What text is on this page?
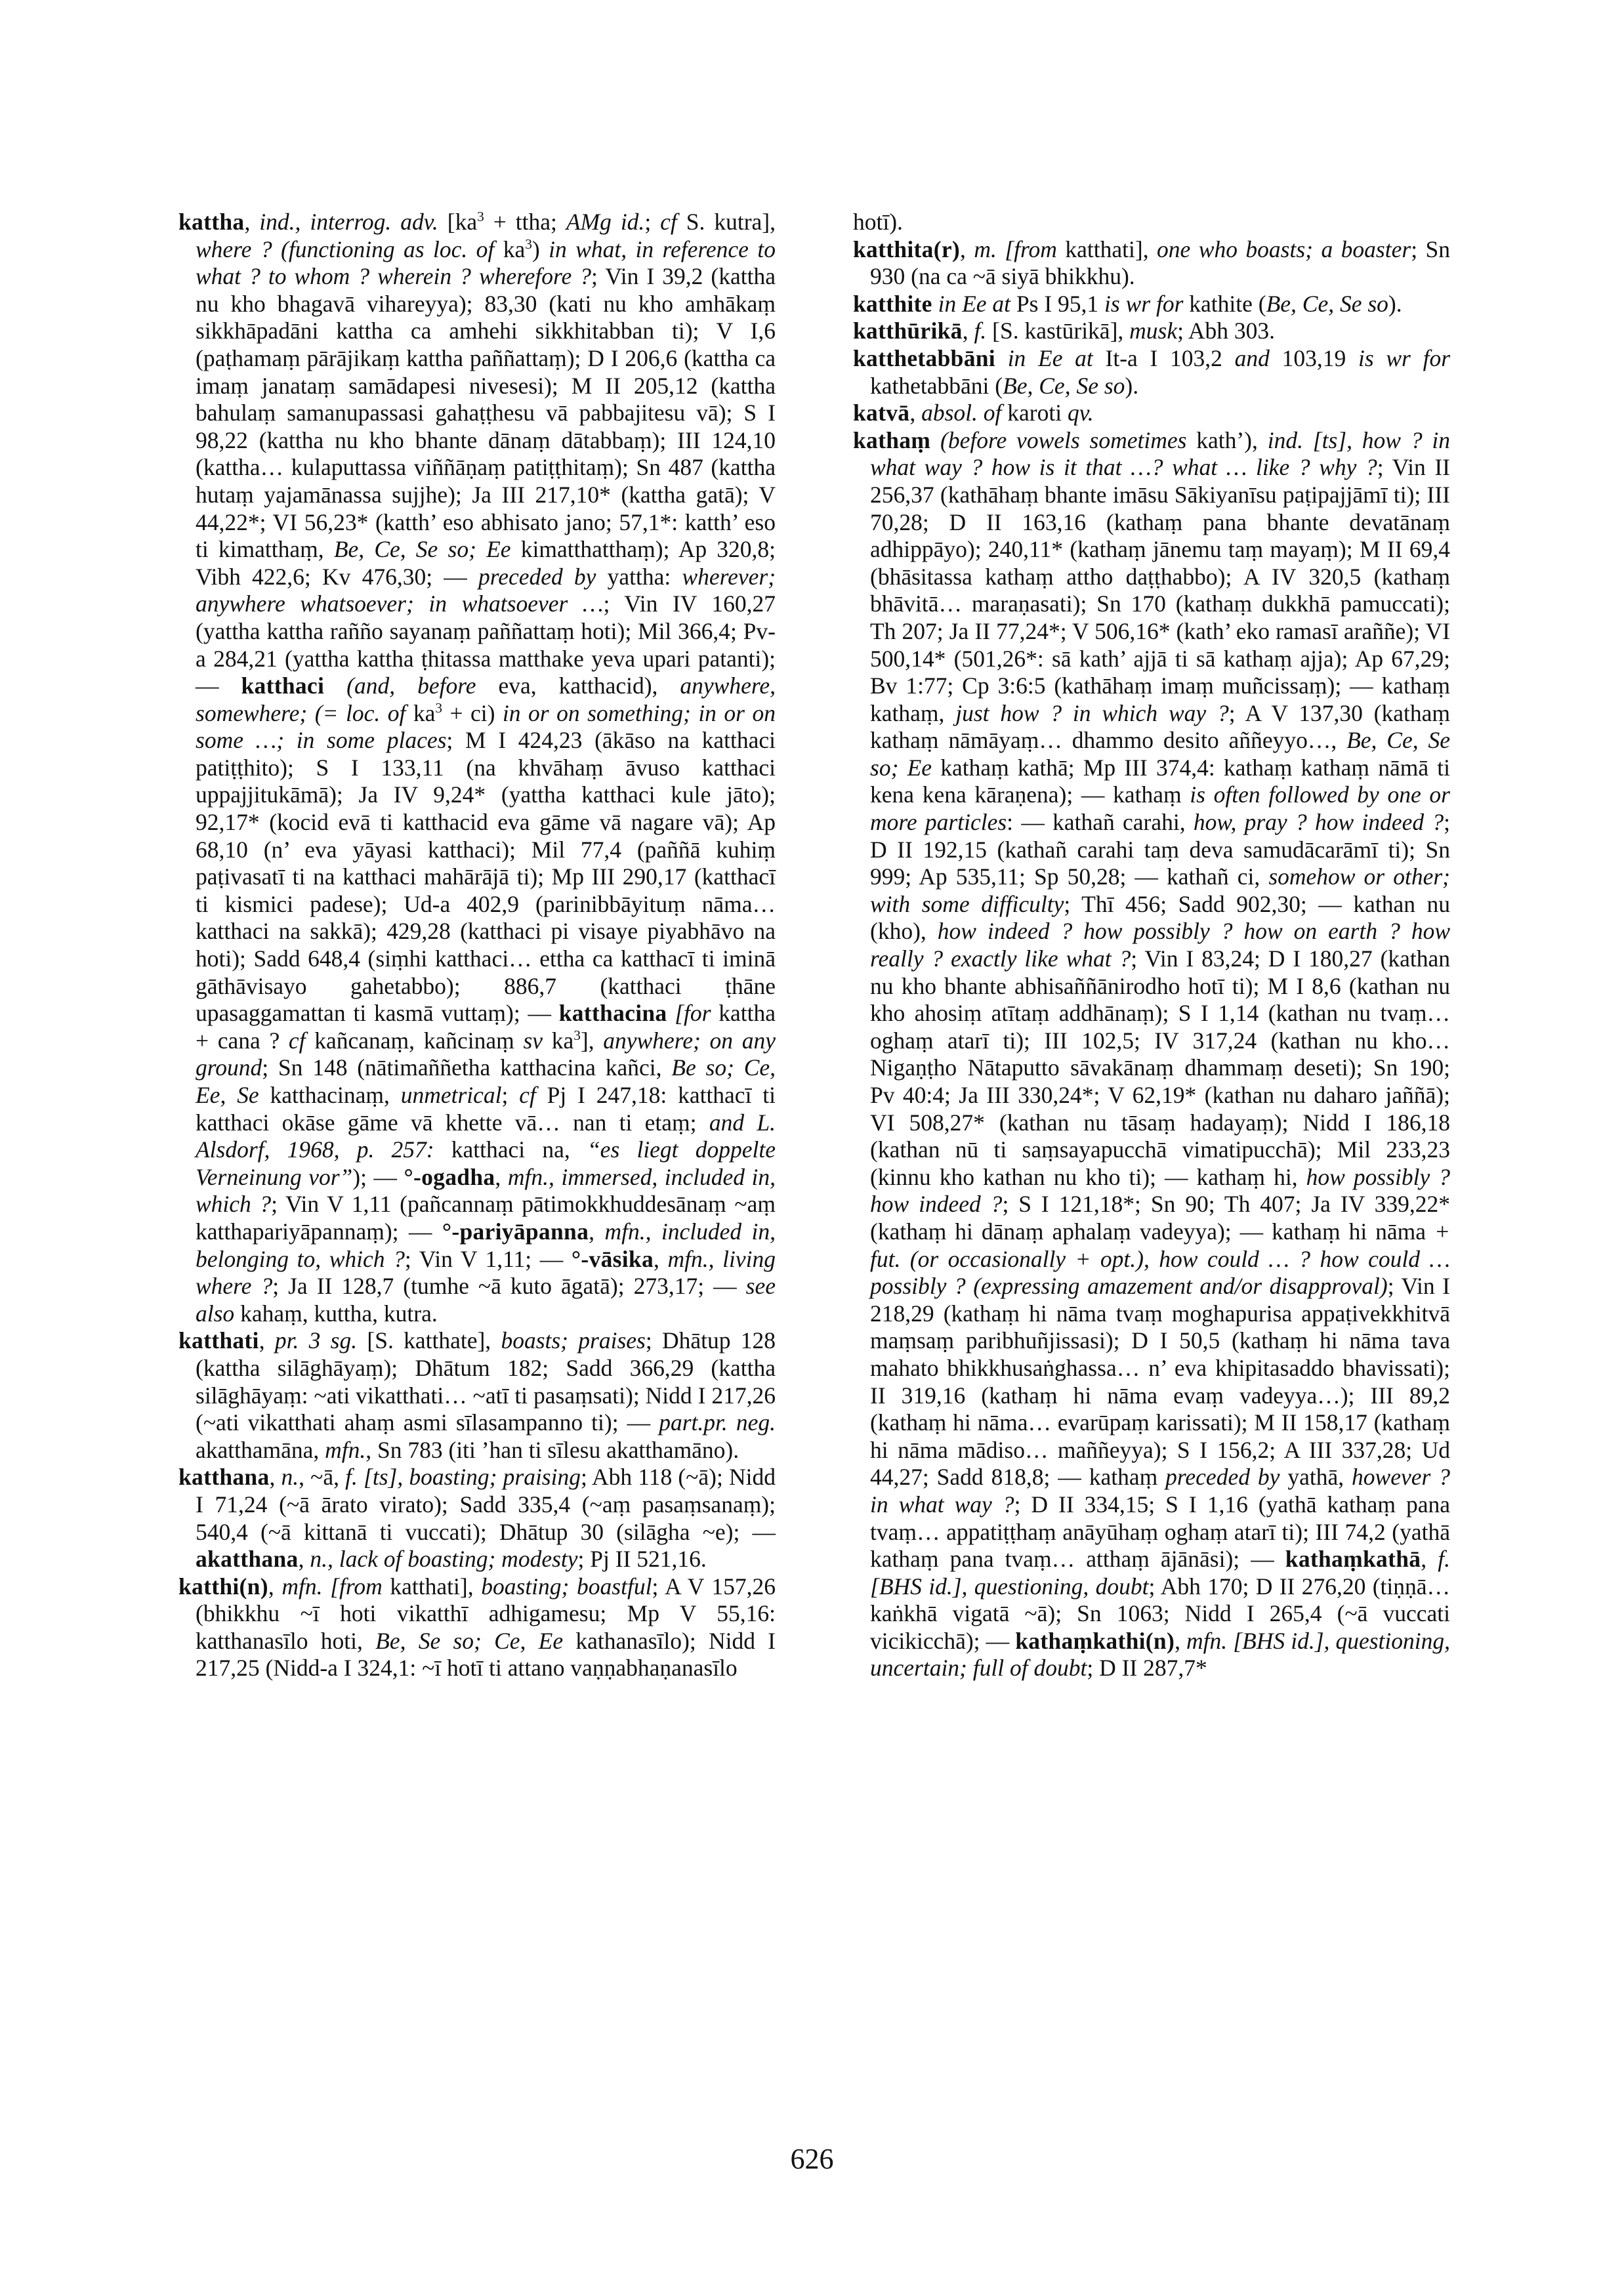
kattha, ind., interrog. adv. [$ka^3$ + ttha; AMg id.; cf S. kutra], where ? (functioning as loc. of $ka^3$) in what, in reference to what ? to whom ? wherein ? wherefore ?; Vin I 39,2 (kattha nu kho bhagavā vihareyya); 83,30 (kati nu kho amhākaṃ sikkhāpadāni kattha ca amhehi sikkhitabban ti); V I,6 (paṭhamaṃ pārājikaṃ kattha paññattaṃ); D I 206,6 (kattha ca imaṃ janataṃ samādapesi nivesesi); M II 205,12 (kattha bahulaṃ samanupassasi gahaṭṭhesu vā pabbajitesu vā); S I 98,22 (kattha nu kho bhante dānaṃ dātabbaṃ); III 124,10 (kattha… kulaputtassa viññāṇaṃ patiṭṭhitaṃ); Sn 487 (kattha hutaṃ yajamānassa sujjhe); Ja III 217,10* (kattha gatā); V 44,22*; VI 56,23* (katth’ eso abhisato jano; 57,1*: katth’ eso ti kimatthaṃ, Be, Ce, Se so; Ee kimatthatthaṃ); Ap 320,8; Vibh 422,6; Kv 476,30; — preceded by yattha: wherever; anywhere whatsoever; in whatsoever …; Vin IV 160,27 (yattha kattha rañño sayanaṃ paññattaṃ hoti); Mil 366,4; Pv-a 284,21 (yattha kattha ṭhitassa matthake yeva upari patanti); — katthaci (and, before eva, katthacid), anywhere, somewhere; (= loc. of $ka^3 + ci$) in or on something; in or on some …; in some places; M I 424,23 (ākāso na katthaci patiṭṭhito); S I 133,11 (na khvāhaṃ āvuso katthaci uppajjitukāmā); Ja IV 9,24* (yattha katthaci kule jāto); 92,17* (kocid evā ti katthacid eva gāme vā nagare vā); Ap 68,10 (n’ eva yāyasi katthaci); Mil 77,4 (paññā kuhiṃ paṭivasatī ti na katthaci mahārājā ti); Mp III 290,17 (katthacī ti kismici padese); Ud-a 402,9 (parinibbāyituṃ nāma… katthaci na sakkā); 429,28 (katthaci pi visaye piyabhāvo na hoti); Sadd 648,4 (siṃhi katthaci… ettha ca katthacī ti iminā gāthāvisayo gahetabbo); 886,7 (katthaci ṭhāne upasaggamattan ti kasmā vuttaṃ); — katthacina [for kattha + cana ? cf kañcanaṃ, kañcinaṃ sv $ka^3$], anywhere; on any ground; Sn 148 (nātimaññetha katthacina kañci, Be so; Ce, Ee, Se katthacinaṃ, unmetrical; cf Pj I 247,18: katthacī ti katthaci okāse gāme vā khette vā… nan ti etaṃ; and L. Alsdorf, 1968, p. 257: katthaci na, “es liegt doppelte Verneinung vor”); — °-ogadha, mfn., immersed, included in, which ?; Vin V 1,11 (pañcannaṃ pātimokkhuddesānaṃ ~aṃ katthapariyāpannaṃ); — °-pariyāpanna, mfn., included in, belonging to, which ?; Vin V 1,11; — °-vāsika, mfn., living where ?; Ja II 128,7 (tumhe ~ā kuto āgatā); 273,17; — see also kahaṃ, kuttha, kutra.

katthati, pr. 3 sg. [S. katthate], boasts; praises; Dhātup 128 (kattha silāghāyaṃ); Dhātum 182; Sadd 366,29 (kattha silāghāyaṃ: ~ati vikatthati… ~atī ti pasaṃsati); Nidd I 217,26 (~ati vikatthati ahaṃ asmi sīlasampanno ti); — part.pr. neg. akatthamāna, mfn., Sn 783 (iti ’han ti sīlesu akatthamāno).

katthana, n., ~ā, f. [ts], boasting; praising; Abh 118 (~ā); Nidd I 71,24 (~ā ārato virato); Sadd 335,4 (~aṃ pasaṃsanaṃ); 540,4 (~ā kittanā ti vuccati); Dhātup 30 (silāgha ~e); — akatthana, n., lack of boasting; modesty; Pj II 521,16.

katthi(n), mfn. [from katthati], boasting; boastful; A V 157,26 (bhikkhu ~ī hoti vikatthī adhigamesu; Mp V 55,16: katthanasīlo hoti, Be, Se so; Ce, Ee kathanasīlo); Nidd I 217,25 (Nidd-a I 324,1: ~ī hotī ti attano vaṇṇabhaṇanasīlo

hotī).

katthita(r), m. [from katthati], one who boasts; a boaster; Sn 930 (na ca ~ā siyā bhikkhu).

katthite in Ee at Ps I 95,1 is wr for kathite (Be, Ce, Se so).

katthūrikā, f. [S. kastūrikā], musk; Abh 303.

katthetabbāni in Ee at It-a I 103,2 and 103,19 is wr for kathetabbāni (Be, Ce, Se so).

katvā, absol. of karoti qv.

kathaṃ (before vowels sometimes kath’), ind. [ts], how ? in what way ? how is it that …? what … like ? why ?; Vin II 256,37 (kathāhaṃ bhante imāsu Sākiyanīsu paṭipajjāmī ti); III 70,28; D II 163,16 (kathaṃ pana bhante devatānaṃ adhippāyo); 240,11* (kathaṃ jānemu taṃ mayaṃ); M II 69,4 (bhāsitassa kathaṃ attho daṭṭhabbo); A IV 320,5 (kathaṃ bhāvitā… maraṇasati); Sn 170 (kathaṃ dukkhā pamuccati); Th 207; Ja II 77,24*; V 506,16* (kath’ eko ramasī araññe); VI 500,14* (501,26*: sā kath’ ajjā ti sā kathaṃ ajja); Ap 67,29; Bv 1:77; Cp 3:6:5 (kathāhaṃ imaṃ muñcissaṃ); — kathaṃ kathaṃ, just how ? in which way ?; A V 137,30 (kathaṃ kathaṃ nāmāyaṃ… dhammo desito aññeyyo…, Be, Ce, Se so; Ee kathaṃ kathā; Mp III 374,4: kathaṃ kathaṃ nāmā ti kena kena kāraṇena); — kathaṃ is often followed by one or more particles: — kathañ carahi, how, pray ? how indeed ?; D II 192,15 (kathañ carahi taṃ deva samudācarāmī ti); Sn 999; Ap 535,11; Sp 50,28; — kathañ ci, somehow or other; with some difficulty; Thī 456; Sadd 902,30; — kathan nu (kho), how indeed ? how possibly ? how on earth ? how really ? exactly like what ?; Vin I 83,24; D I 180,27 (kathan nu kho bhante abhisaññānirodho hotī ti); M I 8,6 (kathan nu kho ahosiṃ atītaṃ addhānaṃ); S I 1,14 (kathan nu tvaṃ… oghaṃ atarī ti); III 102,5; IV 317,24 (kathan nu kho… Nigaṇṭho Nātaputto sāvakānaṃ dhammaṃ deseti); Sn 190; Pv 40:4; Ja III 330,24*; V 62,19* (kathan nu daharo jaññā); VI 508,27* (kathan nu tāsaṃ hadayaṃ); Nidd I 186,18 (kathan nū ti saṃsayapucchā vimatipucchā); Mil 233,23 (kinnu kho kathan nu kho ti); — kathaṃ hi, how possibly ? how indeed ?; S I 121,18*; Sn 90; Th 407; Ja IV 339,22* (kathaṃ hi dānaṃ aphalaṃ vadeyya); — kathaṃ hi nāma + fut. (or occasionally + opt.), how could … ? how could … possibly ? (expressing amazement and/or disapproval); Vin I 218,29 (kathaṃ hi nāma tvaṃ moghapurisa appaṭivekkhitvā maṃsaṃ paribhuñjissasi); D I 50,5 (kathaṃ hi nāma tava mahato bhikkhusaṅghassa… n’ eva khipitasaddo bhavissati); II 319,16 (kathaṃ hi nāma evaṃ vadeyya…); III 89,2 (kathaṃ hi nāma… evarūpaṃ karissati); M II 158,17 (kathaṃ hi nāma mādiso… maññeyya); S I 156,2; A III 337,28; Ud 44,27; Sadd 818,8; — kathaṃ preceded by yathā, however ? in what way ?; D II 334,15; S I 1,16 (yathā kathaṃ pana tvaṃ… appatiṭṭhaṃ anāyūhaṃ oghaṃ atarī ti); III 74,2 (yathā kathaṃ pana tvaṃ… atthaṃ ājānāsi); — kathaṃkathā, f. [BHS id.], questioning, doubt; Abh 170; D II 276,20 (tiṇṇā… kaṅkhā vigatā ~ā); Sn 1063; Nidd I 265,4 (~ā vuccati vicikicchā); — kathaṃkathi(n), mfn. [BHS id.], questioning, uncertain; full of doubt; D II 287,7*

626
